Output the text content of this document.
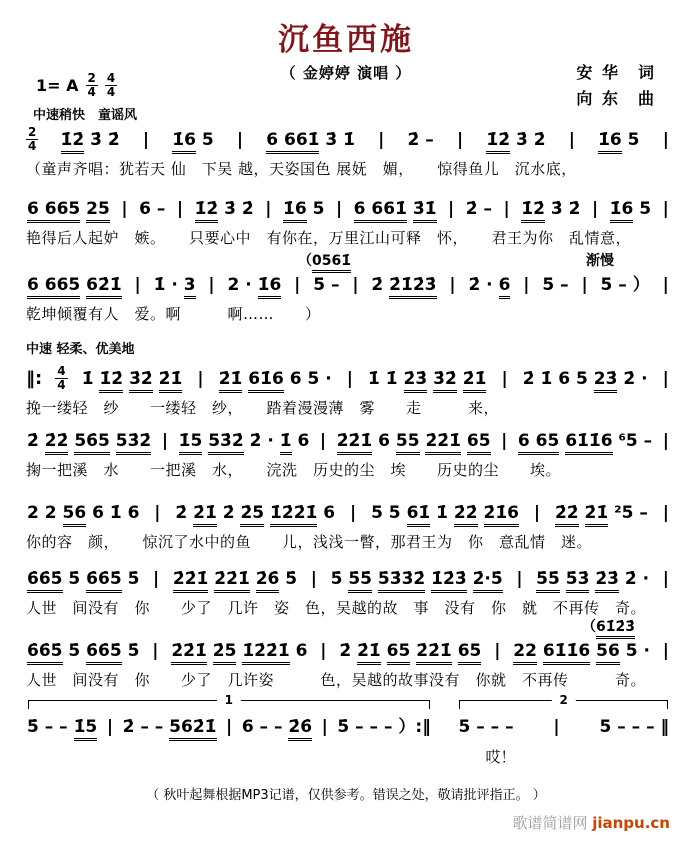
沉鱼西施
（ 金婷婷 演唱 ）	安 华　词
向 东　曲
1= A $\frac{2}{4} \frac{4}{4}$
中速稍快　童谣风
$\frac{2}{4}$ 1̇2̇ 3̇ 2̇ | 1̇6 5 | 6 661̇ 3̇ 1̇ | 2̇ – | 1̇2̇ 3̇ 2̇ | 1̇6 5 |
（童声齐唱：犹若天 仙　下吴 越，天姿国色 展妩　媚，　　惊得鱼儿　沉水底，
6 665 25 | 6 – | 1̇2̇ 3̇ 2̇ | 1̇6 5 | 6 661̇ 3̇1̇ | 2̇ – | 1̇2̇ 3̇ 2̇ | 1̇6 5 |
艳得后人起妒　嫉。　　只要心中　有你在，万里江山可释　怀，　　君王为你　乱情意，
（0561̇	渐慢
6 665 62̇1̇ | 1̇ · 3 | 2 · 1̇6 | 5 – | 2̇ 2̇1̇2̇3̇ | 2̇ · 6 | 5 – | 5 – ） |
乾坤倾覆有人　爱。啊　　　啊……　　）
中速 轻柔、优美地
‖: $\frac{4}{4}$ 1̇ 1̇2̇ 3̇2̇ 2̇1̇ | 2̇1̇ 61̇6 6 5 · | 1̇ 1̇ 2̇3̇ 3̇2̇ 2̇1̇ | 2̇ 1̇ 6 5 23̇ 2̇ · |
挽一缕轻　纱　　一缕轻　纱，　　踏着漫漫薄　雾　　走　　　来，
2̇ 2̇2̇ 56̇5 53̇2̇ | 1̇5 53̇2̇ 2̇ · 1̇ 6 | 2̇2̇1̇ 6 55 2̇2̇1̇ 65 | 6 65 61̇1̇6 ⁶5 – |
掬一把溪　水　　一把溪　水，　　浣洗　历史的尘　埃　　历史的尘　　埃。
2 2 56 6 1̇ 6 | 2̇ 2̇1̇ 2̇ 2̇5 1̇2̇2̇1̇ 6 | 5 5 61̇ 1̇ 2̇2̇ 2̇1̇6 | 2̇2̇ 2̇1̇ ²5 – |
你的容　颜，　　惊沉了水中的鱼　　儿，浅浅一瞥，那君王为　你　意乱情　迷。
6̇6̇5̇ 5̇ 6̇6̇5̇ 5̇ | 2̇2̇1̇ 2̇2̇1̇ 2̇6̇ 5̇ | 5̇ 5̇5̇ 5̇3̇3̇2̇ 1̇2̇3̇ 2̇·5̇ | 5̇5̇ 5̇3̇ 2̇3̇ 2̇ · |
人世　间没有　你　　少了　几许　姿　色，吴越的故　事　没有　你　就　不再传　奇。
（61̇2̇3̇
6̇6̇5̇ 5̇ 6̇6̇5̇ 5̇ | 2̇2̇1̇ 2̇5 1̇2̇2̇1̇ 6 | 2̇ 2̇1̇ 65 2̇2̇1̇ 65 | 22 61̇1̇6 56 5 · |
人世　间没有　你　　少了　几许姿　　　色，吴越的故事没有　你就　不再传　　　奇。
1
5̇ – – 1̇5 | 2̇ – – 562̇1̇ | 6 – – 2̇6̇ | 5̇ – – – ）:‖
2
5 – – – | 5 – – – ‖
哎！
（ 秋叶起舞根据MP3记谱，仅供参考。错误之处，敬请批评指正。 ）
歌谱简谱网 jianpu.cn
